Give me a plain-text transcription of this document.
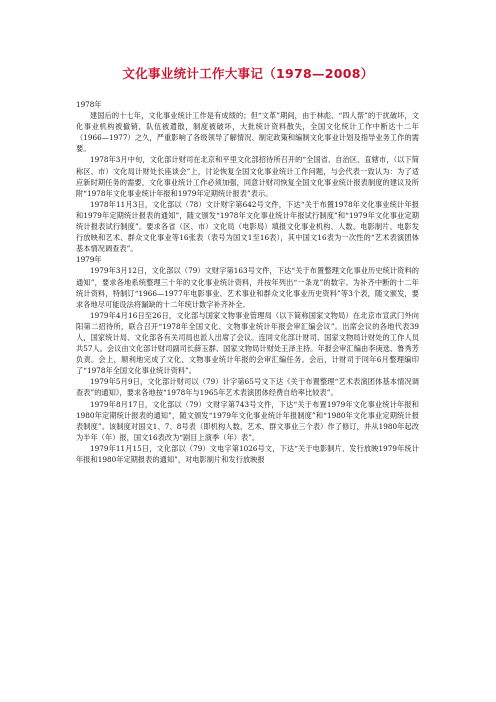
文化事业统计工作大事记（1978—2008）

1978年

建国后的十七年，文化事业统计工作是有成绩的；但“文革”期间，由于林彪、“四人帮”的干扰破坏，文化事业机构被撤销，队伍被遣散，制度被破坏，大批统计资料散失，全国文化统计工作中断达十二年（1966—1977）之久，严重影响了各级领导了解情况、制定政策和编制文化事业计划及指导业务工作的需要。

1978年3月中旬，文化部计财司在北京和平里文化部招待所召开的“全国省、自治区、直辖市，（以下简称区、市）文化局计财处长座谈会”上，讨论恢复全国文化事业统计工作问题，与会代表一致认为：为了适应新时期任务的需要，文化事业统计工作必须加强，同意计财司恢复全国文化事业统计报表制度的建议及所附“1978年文化事业统计年报和1979年定期统计报表”表示。

1978年11月3日，文化部以（78）文计财字第642号文件，下达“关于布置1978年文化事业统计年报和1979年定期统计报表的通知”，随文颁发“1978年文化事业统计年报试行制度”和“1979年文化事业定期统计报表试行制度”。要求各省（区、市）文化局（电影局）填报文化事业机构、人数、电影制片、电影发行放映和艺术、群众文化事业等16张表（表号为国文1至16表），其中国文16表为一次性的“艺术表演团体基本情况调查表”。

1979年

1979年3月12日，文化部以（79）文财字第163号文件，下达“关于布置整理文化事业历史统计资料的通知”，要求各地系统整理三十年的文化事业统计资料，并按年列出“一条龙”的数字。为补齐中断的十二年统计资料，特制订“1966—1977年电影事业、艺术事业和群众文化事业历史资料”等3个表，随文颁发，要求各地尽可能设法将漏缺的十二年统计数字补齐补全。

1979年4月16日至26日，文化部与国家文物事业管理局（以下简称国家文物局）在北京市宣武门外向阳第二招待所，联合召开“1978年全国文化、文物事业统计年报会审汇编会议”。出席会议的各地代表39人，国家统计局、文化部各有关司局也派人出席了会议。连同文化部计财司、国家文物局计财处的工作人员共57人。会议由文化部计财司副司长薛玉群、国家文物局计财处王泽主持。年报会审汇编由李庚选、鲁秀芳负责。会上，顺利地完成了文化、文物事业统计年报的会审汇编任务。会后，计财司于同年6月整理编印了“1978年全国文化事业统计资料”。

1979年5月9日，文化部计财司以（79）计字第65号文下达《关于布置整理“艺术表演团体基本情况调查表”的通知》，要求各地按“1978年与1965年艺术表演团体经费自给率比较表”。

1979年8月17日，文化部以（79）文财字第743号文件，下达“关于布置1979年文化事业统计年报和1980年定期统计报表的通知”，随文颁发“1979年文化事业统计年报制度”和“1980年文化事业定期统计报表制度”。该制度对国文1、7、8号表（即机构人数、艺术、群文事业三个表）作了修订，并从1980年起改为半年（年）报，国文16表改为“剧目上演季（年）表”。

1979年11月15日，文化部以（79）文电字第1026号文，下达“关于电影制片、发行放映1979年统计年报和1980年定期报表的通知”，对电影制片和发行放映报
